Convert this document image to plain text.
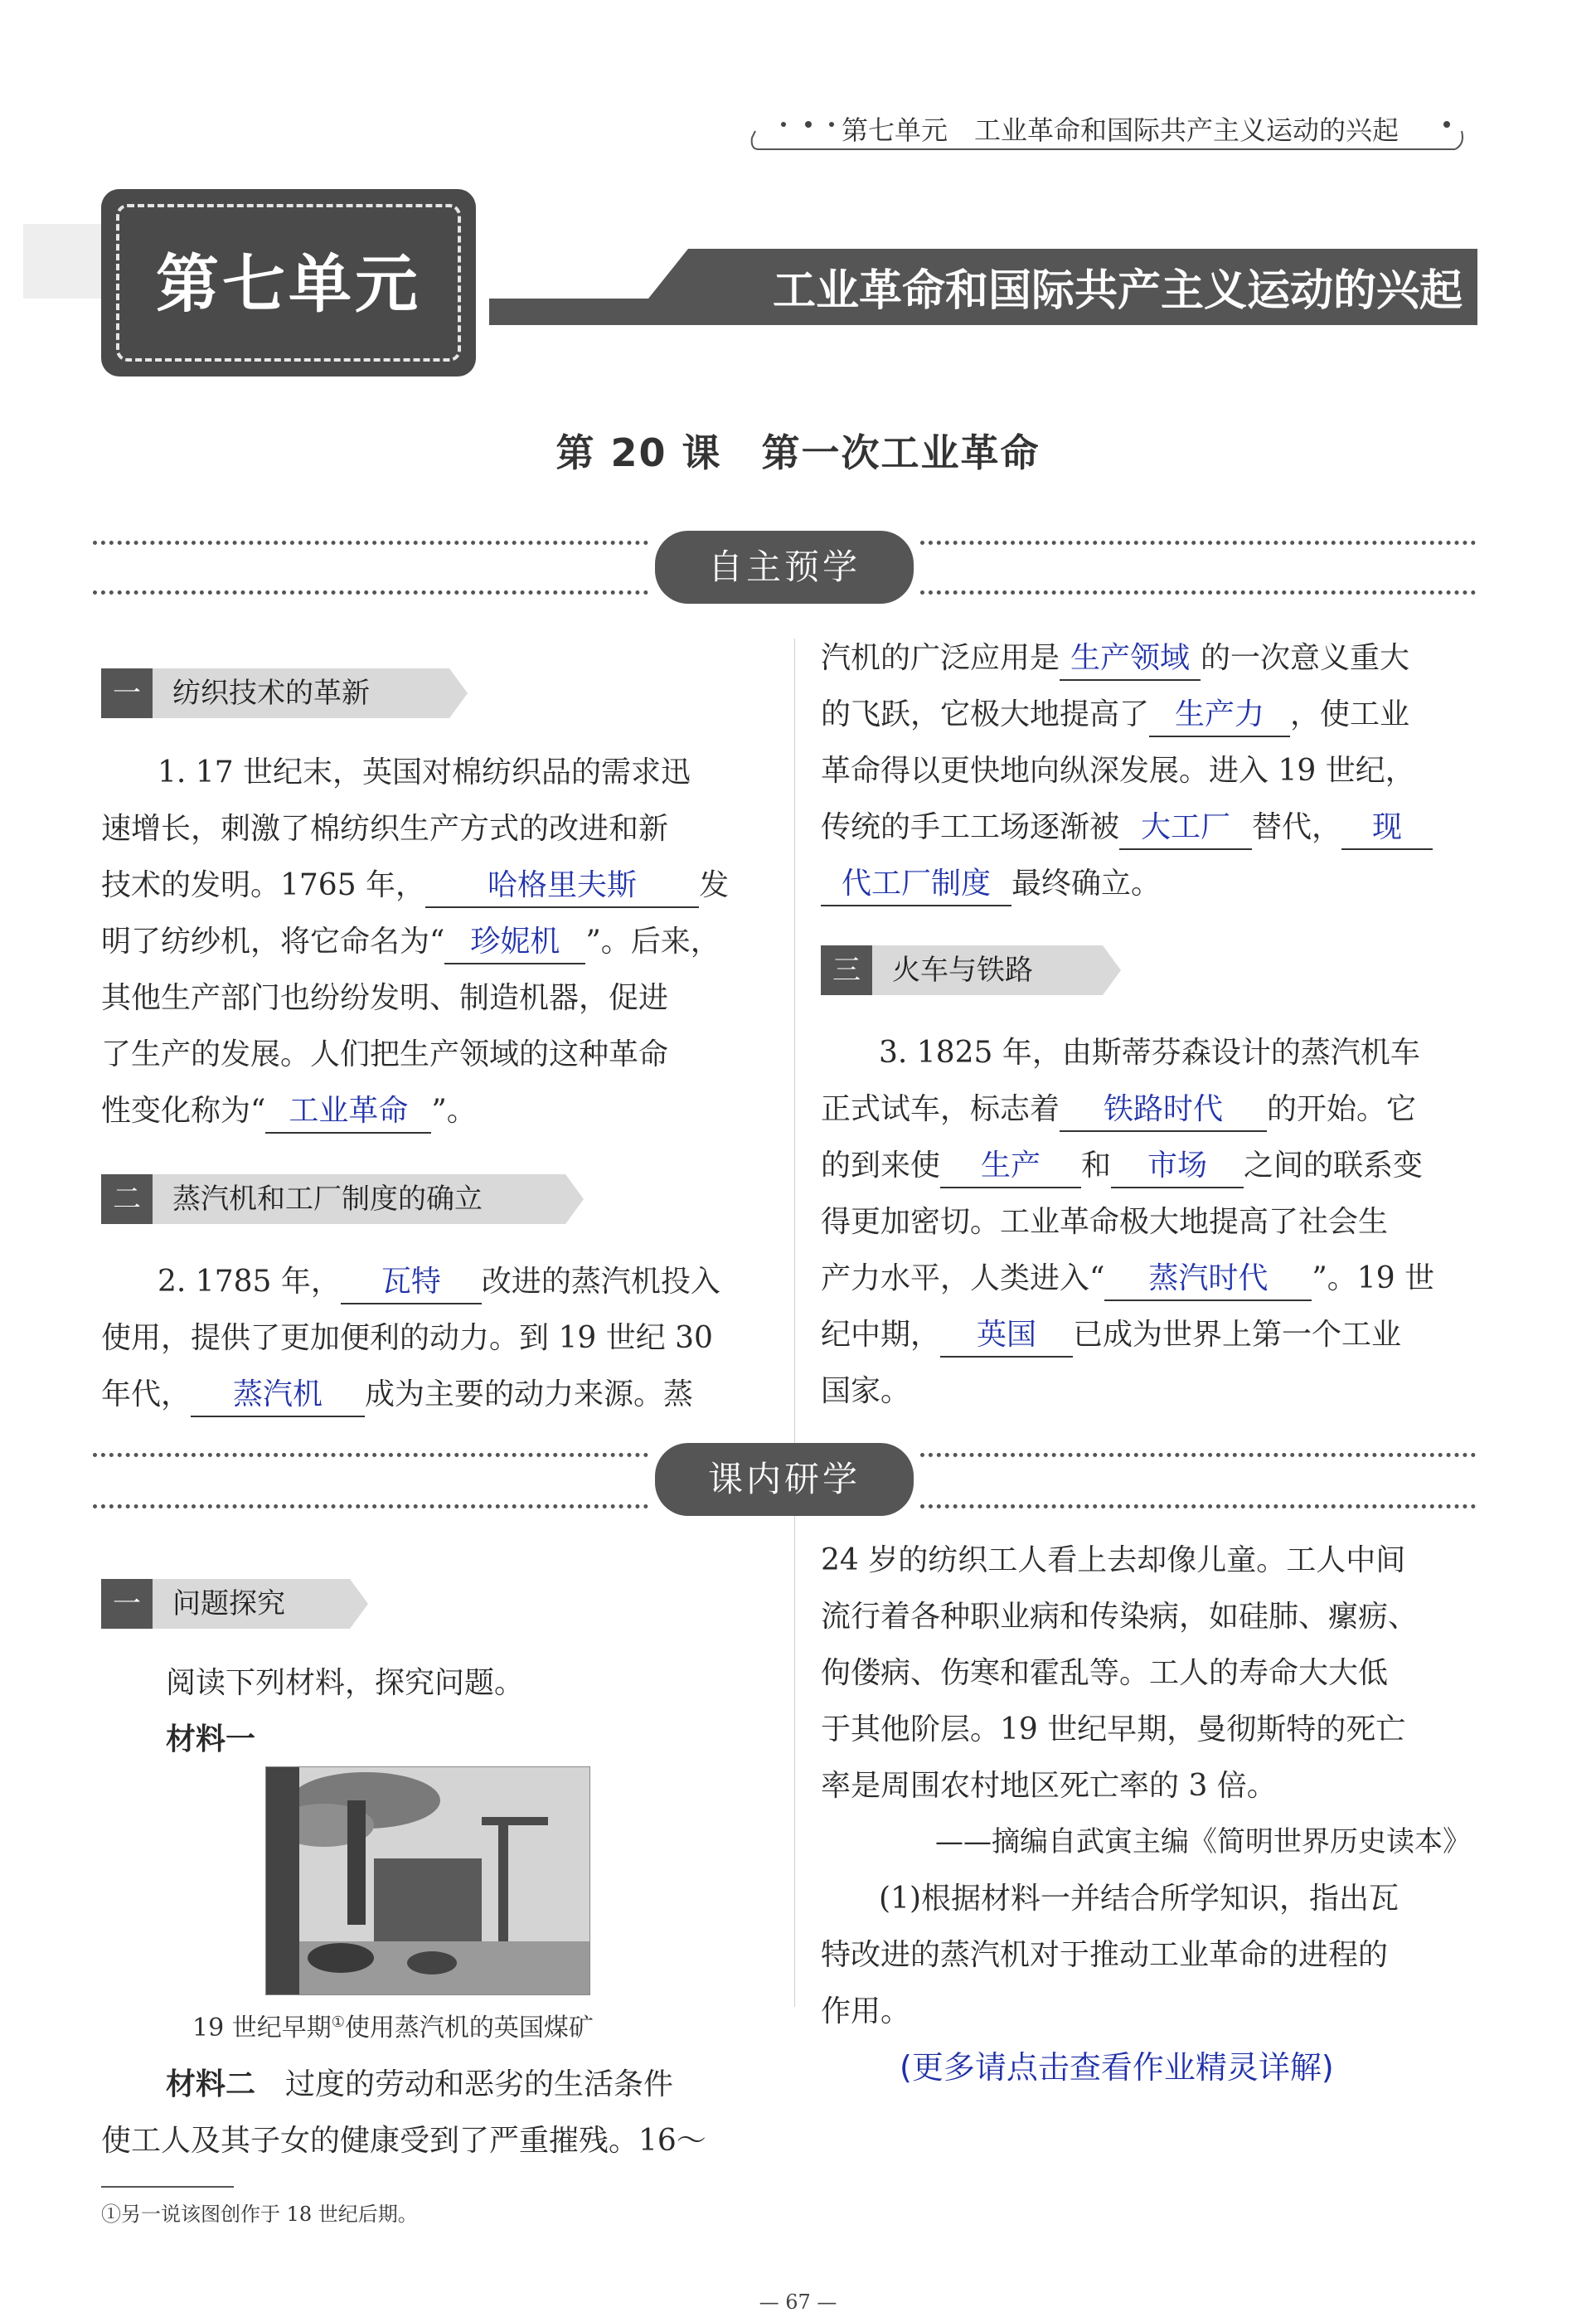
第七单元　工业革命和国际共产主义运动的兴起
第七单元	工业革命和国际共产主义运动的兴起
第 20 课　第一次工业革命
自主预学
一	纺织技术的革新
1. 17 世纪末，英国对棉纺织品的需求迅
速增长，刺激了棉纺织生产方式的改进和新
技术的发明。1765 年， 哈格里夫斯 发
明了纺纱机，将它命名为“ 珍妮机 ”。后来，
其他生产部门也纷纷发明、制造机器，促进
了生产的发展。人们把生产领域的这种革命
性变化称为“ 工业革命 ”。
二	蒸汽机和工厂制度的确立
2. 1785 年， 瓦特 改进的蒸汽机投入
使用，提供了更加便利的动力。到 19 世纪 30
年代， 蒸汽机 成为主要的动力来源。蒸
汽机的广泛应用是 生产领域 的一次意义重大
的飞跃，它极大地提高了 生产力 ，使工业
革命得以更快地向纵深发展。进入 19 世纪，
传统的手工工场逐渐被 大工厂 替代， 现
代工厂制度 最终确立。
三	火车与铁路
3. 1825 年，由斯蒂芬森设计的蒸汽机车
正式试车，标志着 铁路时代 的开始。它
的到来使 生产 和 市场 之间的联系变
得更加密切。工业革命极大地提高了社会生
产力水平，人类进入“ 蒸汽时代 ”。19 世
纪中期， 英国 已成为世界上第一个工业
国家。
课内研学
一	问题探究
阅读下列材料，探究问题。
材料一
19 世纪早期①使用蒸汽机的英国煤矿
材料二　 过度的劳动和恶劣的生活条件
使工人及其子女的健康受到了严重摧残。16～
24 岁的纺织工人看上去却像儿童。工人中间
流行着各种职业病和传染病，如硅肺、瘰疬、
佝偻病、伤寒和霍乱等。工人的寿命大大低
于其他阶层。19 世纪早期，曼彻斯特的死亡
率是周围农村地区死亡率的 3 倍。
——摘编自武寅主编《简明世界历史读本》
(1)根据材料一并结合所学知识，指出瓦
特改进的蒸汽机对于推动工业革命的进程的
作用。
(更多请点击查看作业精灵详解)
①另一说该图创作于 18 世纪后期。
— 67 —
